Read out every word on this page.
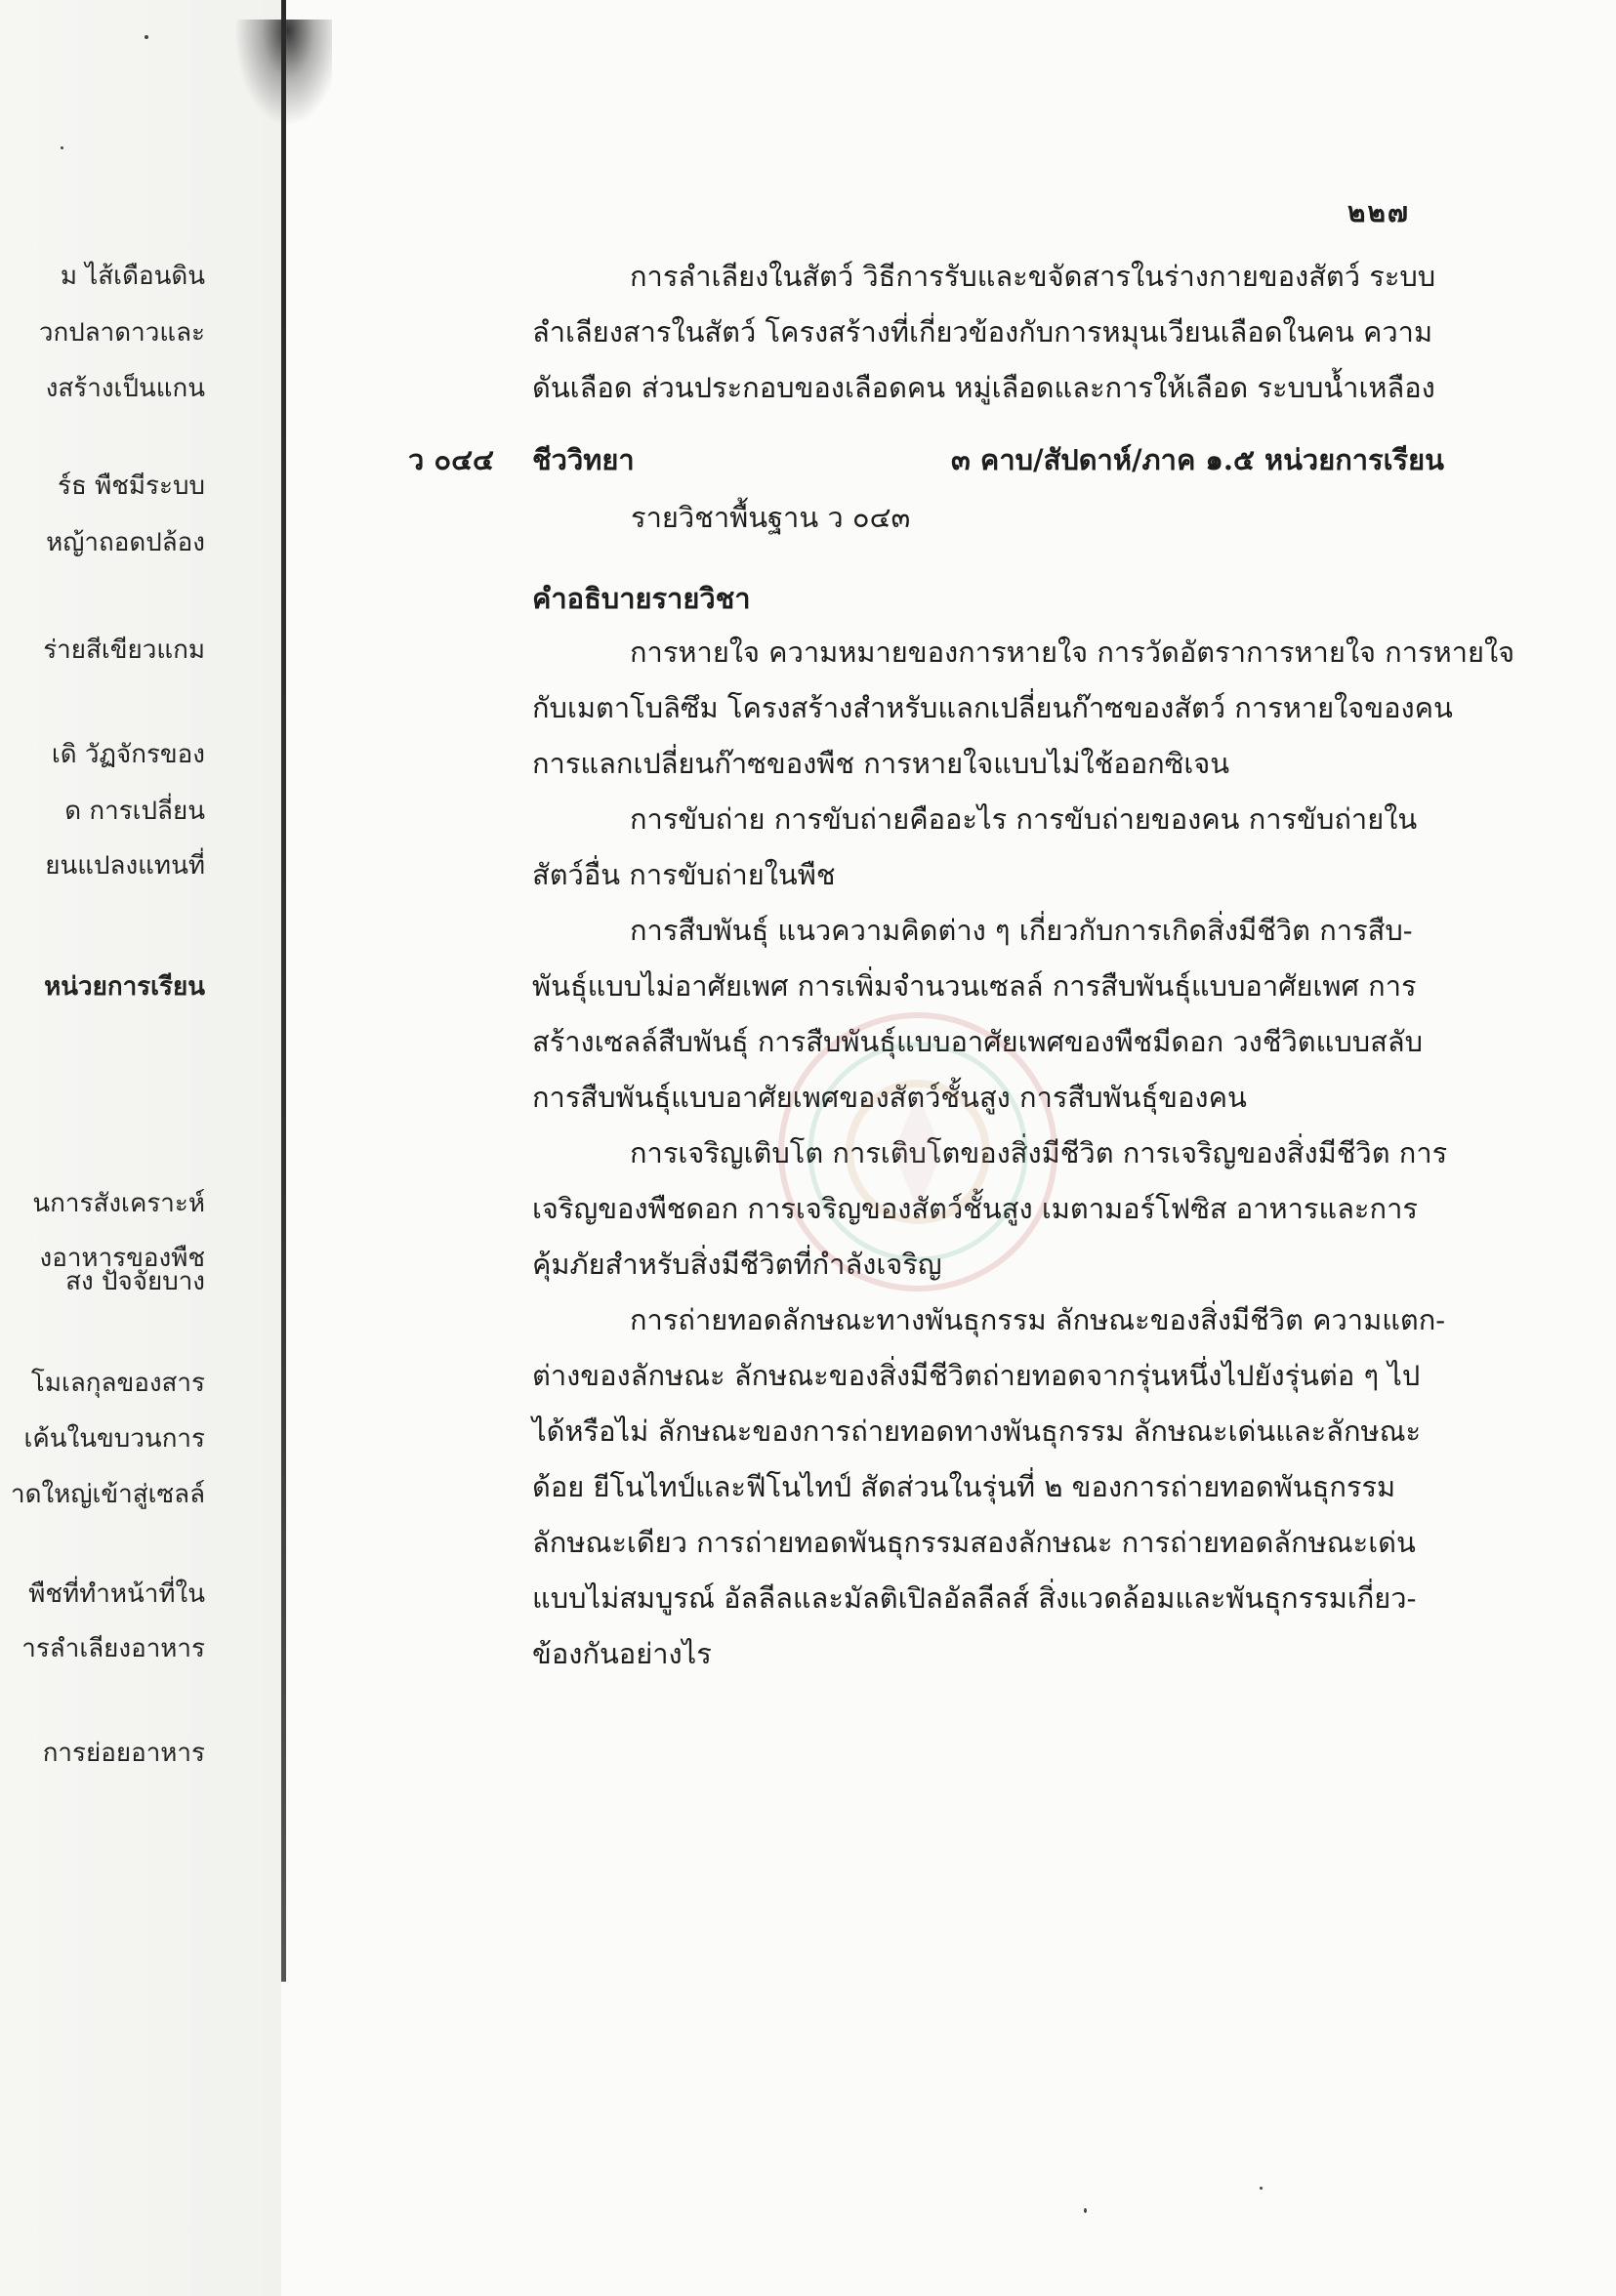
ม ไส้เดือนดิน
วกปลาดาวและ
งสร้างเป็นแกน
ร์ธ พืชมีระบบ
หญ้าถอดปล้อง
ร่ายสีเขียวแกม
เดิ วัฏจักรของ
ด การเปลี่ยน
ยนแปลงแทนที่
หน่วยการเรียน
นการสังเคราะห์
งอาหารของพืช
สง ปัจจัยบาง
โมเลกุลของสาร
เค้นในขบวนการ
าดใหญ่เข้าสู่เซลล์
พืชที่ทำหน้าที่ใน
ารลำเลียงอาหาร
การย่อยอาหาร
๒๒๗
การลำเลียงในสัตว์ วิธีการรับและขจัดสารในร่างกายของสัตว์ ระบบ
ลำเลียงสารในสัตว์ โครงสร้างที่เกี่ยวข้องกับการหมุนเวียนเลือดในคน ความ
ดันเลือด ส่วนประกอบของเลือดคน หมู่เลือดและการให้เลือด ระบบน้ำเหลือง
ว ๐๔๔ ชีววิทยา	๓ คาบ/สัปดาห์/ภาค ๑.๕ หน่วยการเรียน
รายวิชาพื้นฐาน ว ๐๔๓
คำอธิบายรายวิชา
การหายใจ ความหมายของการหายใจ การวัดอัตราการหายใจ การหายใจ
กับเมตาโบลิซึม โครงสร้างสำหรับแลกเปลี่ยนก๊าซของสัตว์ การหายใจของคน
การแลกเปลี่ยนก๊าซของพืช การหายใจแบบไม่ใช้ออกซิเจน
การขับถ่าย การขับถ่ายคืออะไร การขับถ่ายของคน การขับถ่ายใน
สัตว์อื่น การขับถ่ายในพืช
การสืบพันธุ์ แนวความคิดต่าง ๆ เกี่ยวกับการเกิดสิ่งมีชีวิต การสืบ-
พันธุ์แบบไม่อาศัยเพศ การเพิ่มจำนวนเซลล์ การสืบพันธุ์แบบอาศัยเพศ การ
สร้างเซลล์สืบพันธุ์ การสืบพันธุ์แบบอาศัยเพศของพืชมีดอก วงชีวิตแบบสลับ
การสืบพันธุ์แบบอาศัยเพศของสัตว์ชั้นสูง การสืบพันธุ์ของคน
การเจริญเติบโต การเติบโตของสิ่งมีชีวิต การเจริญของสิ่งมีชีวิต การ
เจริญของพืชดอก การเจริญของสัตว์ชั้นสูง เมตามอร์โฟซิส อาหารและการ
คุ้มภัยสำหรับสิ่งมีชีวิตที่กำลังเจริญ
การถ่ายทอดลักษณะทางพันธุกรรม ลักษณะของสิ่งมีชีวิต ความแตก-
ต่างของลักษณะ ลักษณะของสิ่งมีชีวิตถ่ายทอดจากรุ่นหนึ่งไปยังรุ่นต่อ ๆ ไป
ได้หรือไม่ ลักษณะของการถ่ายทอดทางพันธุกรรม ลักษณะเด่นและลักษณะ
ด้อย ยีโนไทป์และฟีโนไทป์ สัดส่วนในรุ่นที่ ๒ ของการถ่ายทอดพันธุกรรม
ลักษณะเดียว การถ่ายทอดพันธุกรรมสองลักษณะ การถ่ายทอดลักษณะเด่น
แบบไม่สมบูรณ์ อัลลีลและมัลติเปิลอัลลีลส์ สิ่งแวดล้อมและพันธุกรรมเกี่ยว-
ข้องกันอย่างไร
